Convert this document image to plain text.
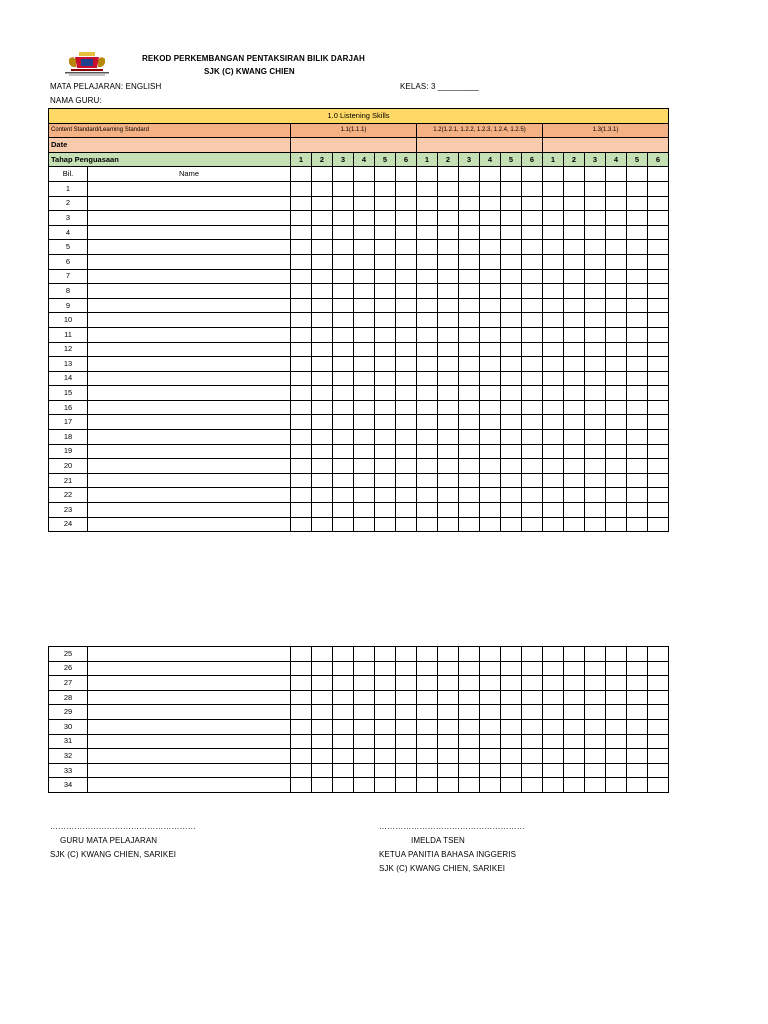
REKOD PERKEMBANGAN PENTAKSIRAN BILIK DARJAH
SJK (C) KWANG CHIEN
MATA PELAJARAN: ENGLISH	KELAS: 3 _________
NAMA GURU:
1.0 Listening Skills																			
Content Standard/Learning Standard		1.1(1.1.1)						1.2(1.2.1, 1.2.2, 1.2.3, 1.2.4, 1.2.5)						1.3(1.3.1)					
Date																			
Tahap Penguasaan		1	2	3	4	5	6	1	2	3	4	5	6	1	2	3	4	5	6
Bil.	Name																		
1																			
2																			
3																			
4																			
5																			
6																			
7																			
8																			
9																			
10																			
11																			
12																			
13																			
14																			
15																			
16																			
17																			
18																			
19																			
20																			
21																			
22																			
23																			
24																			
25																			
26																			
27																			
28																			
29																			
30																			
31																			
32																			
33																			
34																			
………………………………………………
GURU MATA PELAJARAN
SJK (C) KWANG CHIEN, SARIKEI
………………………………………………
IMELDA TSEN
KETUA PANITIA BAHASA INGGERIS
SJK (C) KWANG CHIEN, SARIKEI
